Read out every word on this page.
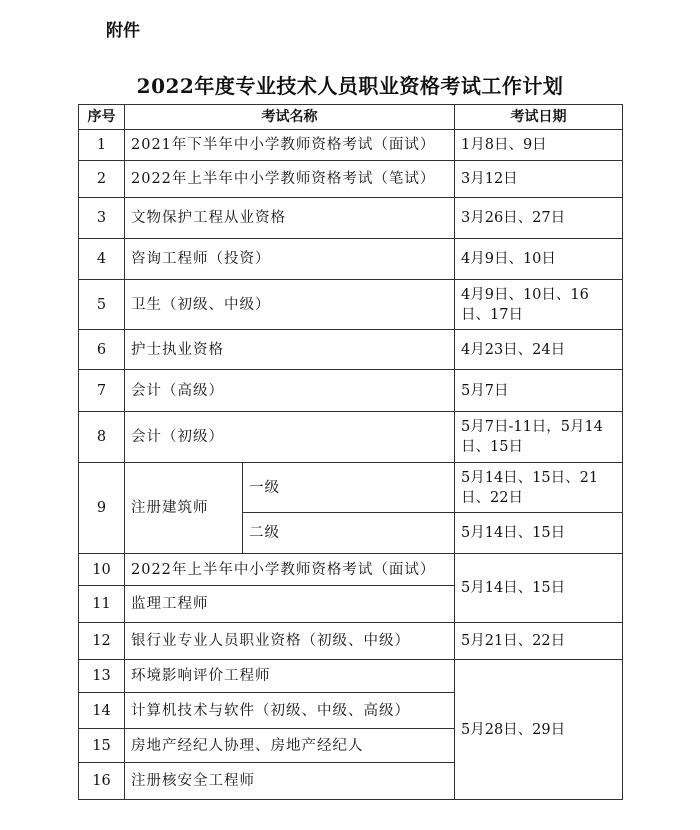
附件
2022年度专业技术人员职业资格考试工作计划
序号	考试名称		考试日期
1	2021年下半年中小学教师资格考试（面试）		1月8日、9日
2	2022年上半年中小学教师资格考试（笔试）		3月12日
3	文物保护工程从业资格		3月26日、27日
4	咨询工程师（投资）		4月9日、10日
5	卫生（初级、中级）		4月9日、10日、16日、17日
6	护士执业资格		4月23日、24日
7	会计（高级）		5月7日
8	会计（初级）		5月7日-11日，5月14日、15日
9	注册建筑师	一级	5月14日、15日、21日、22日
		二级	5月14日、15日
10	2022年上半年中小学教师资格考试（面试）		5月14日、15日
11	监理工程师		
12	银行业专业人员职业资格（初级、中级）		5月21日、22日
13	环境影响评价工程师		5月28日、29日
14	计算机技术与软件（初级、中级、高级）		
15	房地产经纪人协理、房地产经纪人		
16	注册核安全工程师		
